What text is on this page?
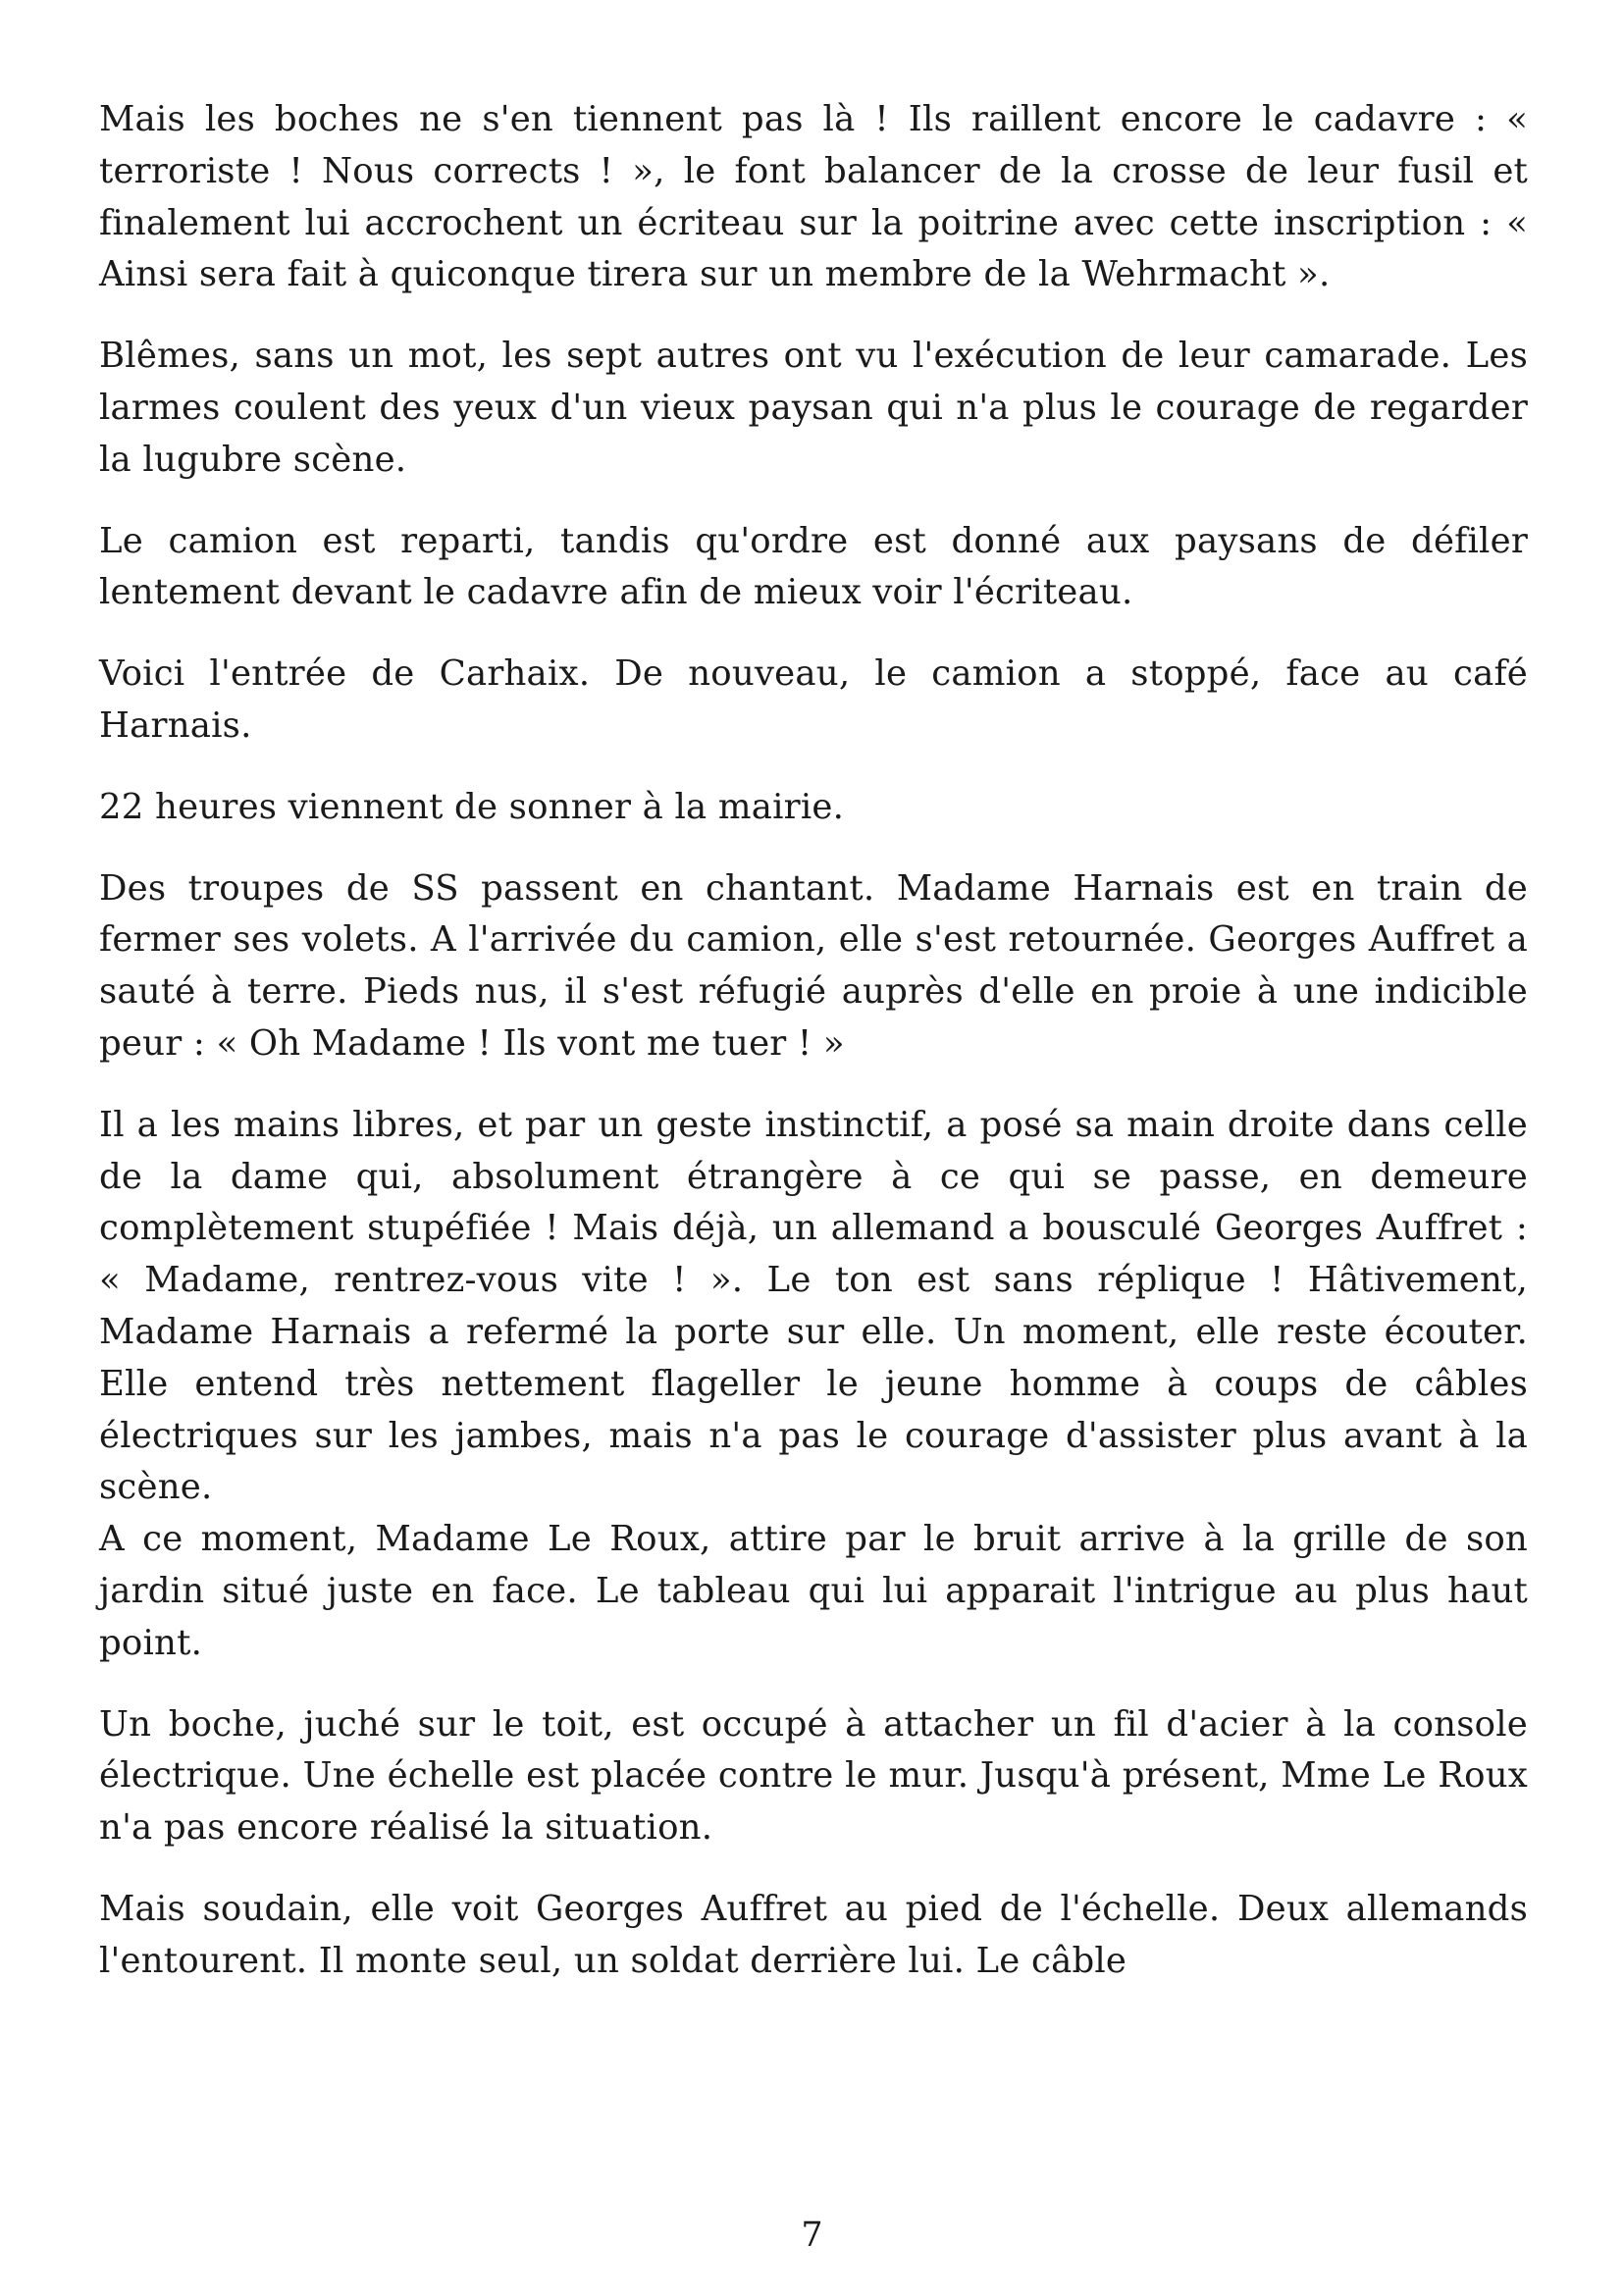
Mais les boches ne s'en tiennent pas là ! Ils raillent encore le cadavre : « terroriste ! Nous corrects ! », le font balancer de la crosse de leur fusil et finalement lui accrochent un écriteau sur la poitrine avec cette inscription : « Ainsi sera fait à quiconque tirera sur un membre de la Wehrmacht ».

Blêmes, sans un mot, les sept autres ont vu l'exécution de leur camarade. Les larmes coulent des yeux d'un vieux paysan qui n'a plus le courage de regarder la lugubre scène.

Le camion est reparti, tandis qu'ordre est donné aux paysans de défiler lentement devant le cadavre afin de mieux voir l'écriteau.

Voici l'entrée de Carhaix. De nouveau, le camion a stoppé, face au café Harnais.

22 heures viennent de sonner à la mairie.

Des troupes de SS passent en chantant. Madame Harnais est en train de fermer ses volets. A l'arrivée du camion, elle s'est retournée. Georges Auffret a sauté à terre. Pieds nus, il s'est réfugié auprès d'elle en proie à une indicible peur : « Oh Madame ! Ils vont me tuer ! »

Il a les mains libres, et par un geste instinctif, a posé sa main droite dans celle de la dame qui, absolument étrangère à ce qui se passe, en demeure complètement stupéfiée ! Mais déjà, un allemand a bousculé Georges Auffret : « Madame, rentrez-vous vite ! ». Le ton est sans réplique ! Hâtivement, Madame Harnais a refermé la porte sur elle. Un moment, elle reste écouter. Elle entend très nettement flageller le jeune homme à coups de câbles électriques sur les jambes, mais n'a pas le courage d'assister plus avant à la scène.

A ce moment, Madame Le Roux, attire par le bruit arrive à la grille de son jardin situé juste en face. Le tableau qui lui apparait l'intrigue au plus haut point.

Un boche, juché sur le toit, est occupé à attacher un fil d'acier à la console électrique. Une échelle est placée contre le mur. Jusqu'à présent, Mme Le Roux n'a pas encore réalisé la situation.

Mais soudain, elle voit Georges Auffret au pied de l'échelle. Deux allemands l'entourent. Il monte seul, un soldat derrière lui. Le câble

7
